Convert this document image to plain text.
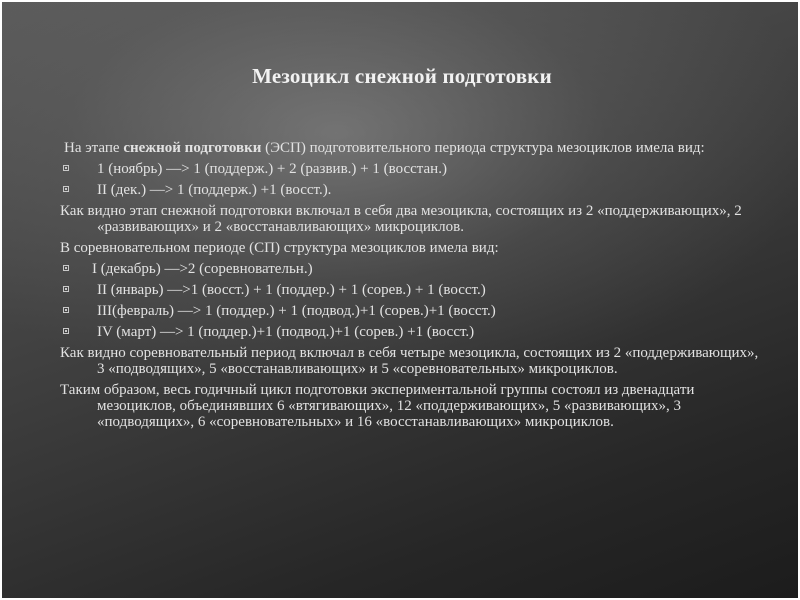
Мезоцикл снежной подготовки

На этапе снежной подготовки (ЭСП) подготовительного периода структура мезоциклов имела вид:

1 (ноябрь) —> 1 (поддерж.) + 2 (развив.) + 1 (восстан.)
II (дек.) —> 1 (поддерж.) +1 (восст.).

Как видно этап снежной подготовки включал в себя два мезоцикла, состоящих из 2 «поддерживающих», 2 «развивающих» и 2 «восстанавливающих» микроциклов.

В соревновательном периоде (СП) структура мезоциклов имела вид:

I (декабрь) —>2 (соревновательн.)
II (январь) —>1 (восст.) + 1 (поддер.) + 1 (сорев.) + 1 (восст.)
III(февраль) —> 1 (поддер.) + 1 (подвод.)+1 (сорев.)+1 (восст.)
IV (март) —> 1 (поддер.)+1 (подвод.)+1 (сорев.) +1 (восст.)

Как видно соревновательный период включал в себя четыре мезоцикла, состоящих из 2 «поддерживающих», 3 «подводящих», 5 «восстанавливающих» и 5 «соревновательных» микроциклов.

Таким образом, весь годичный цикл подготовки экспериментальной группы состоял из двенадцати мезоциклов, объединявших 6 «втягивающих», 12 «поддерживающих», 5 «развивающих», 3 «подводящих», 6 «соревновательных» и 16 «восстанавливающих» микроциклов.
